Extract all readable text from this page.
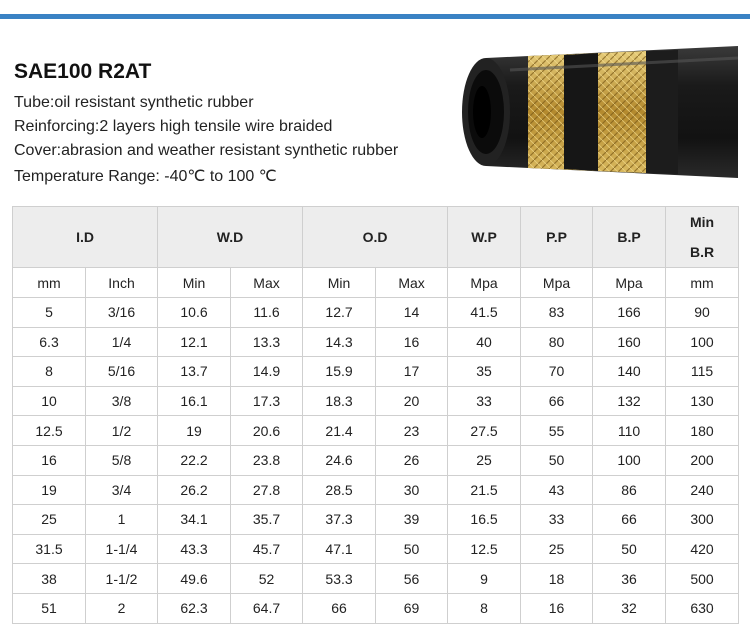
SAE100 R2AT
Tube:oil resistant synthetic rubber
Reinforcing:2 layers high tensile wire braided
Cover:abrasion and weather resistant synthetic rubber
Temperature Range: -40℃ to 100 ℃
I.D		W.D		O.D		W.P	P.P	B.P	Min
B.R
mm	Inch	Min	Max	Min	Max	Mpa	Mpa	Mpa	mm
5	3/16	10.6	11.6	12.7	14	41.5	83	166	90
6.3	1/4	12.1	13.3	14.3	16	40	80	160	100
8	5/16	13.7	14.9	15.9	17	35	70	140	115
10	3/8	16.1	17.3	18.3	20	33	66	132	130
12.5	1/2	19	20.6	21.4	23	27.5	55	110	180
16	5/8	22.2	23.8	24.6	26	25	50	100	200
19	3/4	26.2	27.8	28.5	30	21.5	43	86	240
25	1	34.1	35.7	37.3	39	16.5	33	66	300
31.5	1-1/4	43.3	45.7	47.1	50	12.5	25	50	420
38	1-1/2	49.6	52	53.3	56	9	18	36	500
51	2	62.3	64.7	66	69	8	16	32	630
